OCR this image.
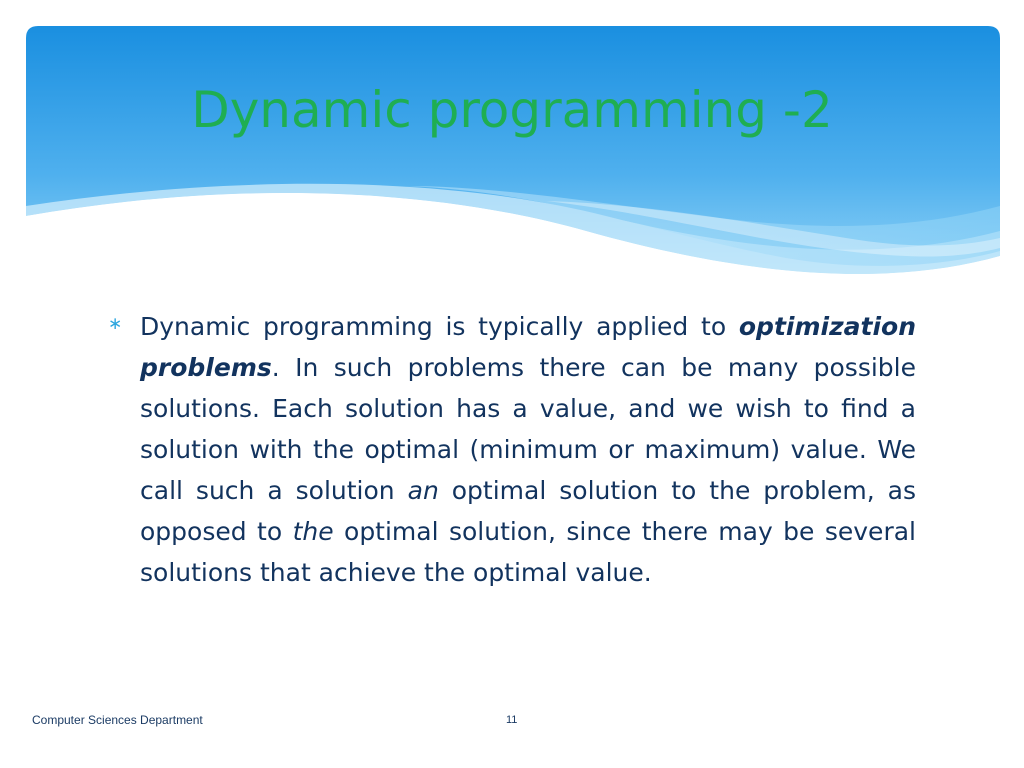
Dynamic programming -2
∗ Dynamic programming is typically applied to optimization problems. In such problems there can be many possible solutions. Each solution has a value, and we wish to find a solution with the optimal (minimum or maximum) value. We call such a solution an optimal solution to the problem, as opposed to the optimal solution, since there may be several solutions that achieve the optimal value.

Computer Sciences Department	11
